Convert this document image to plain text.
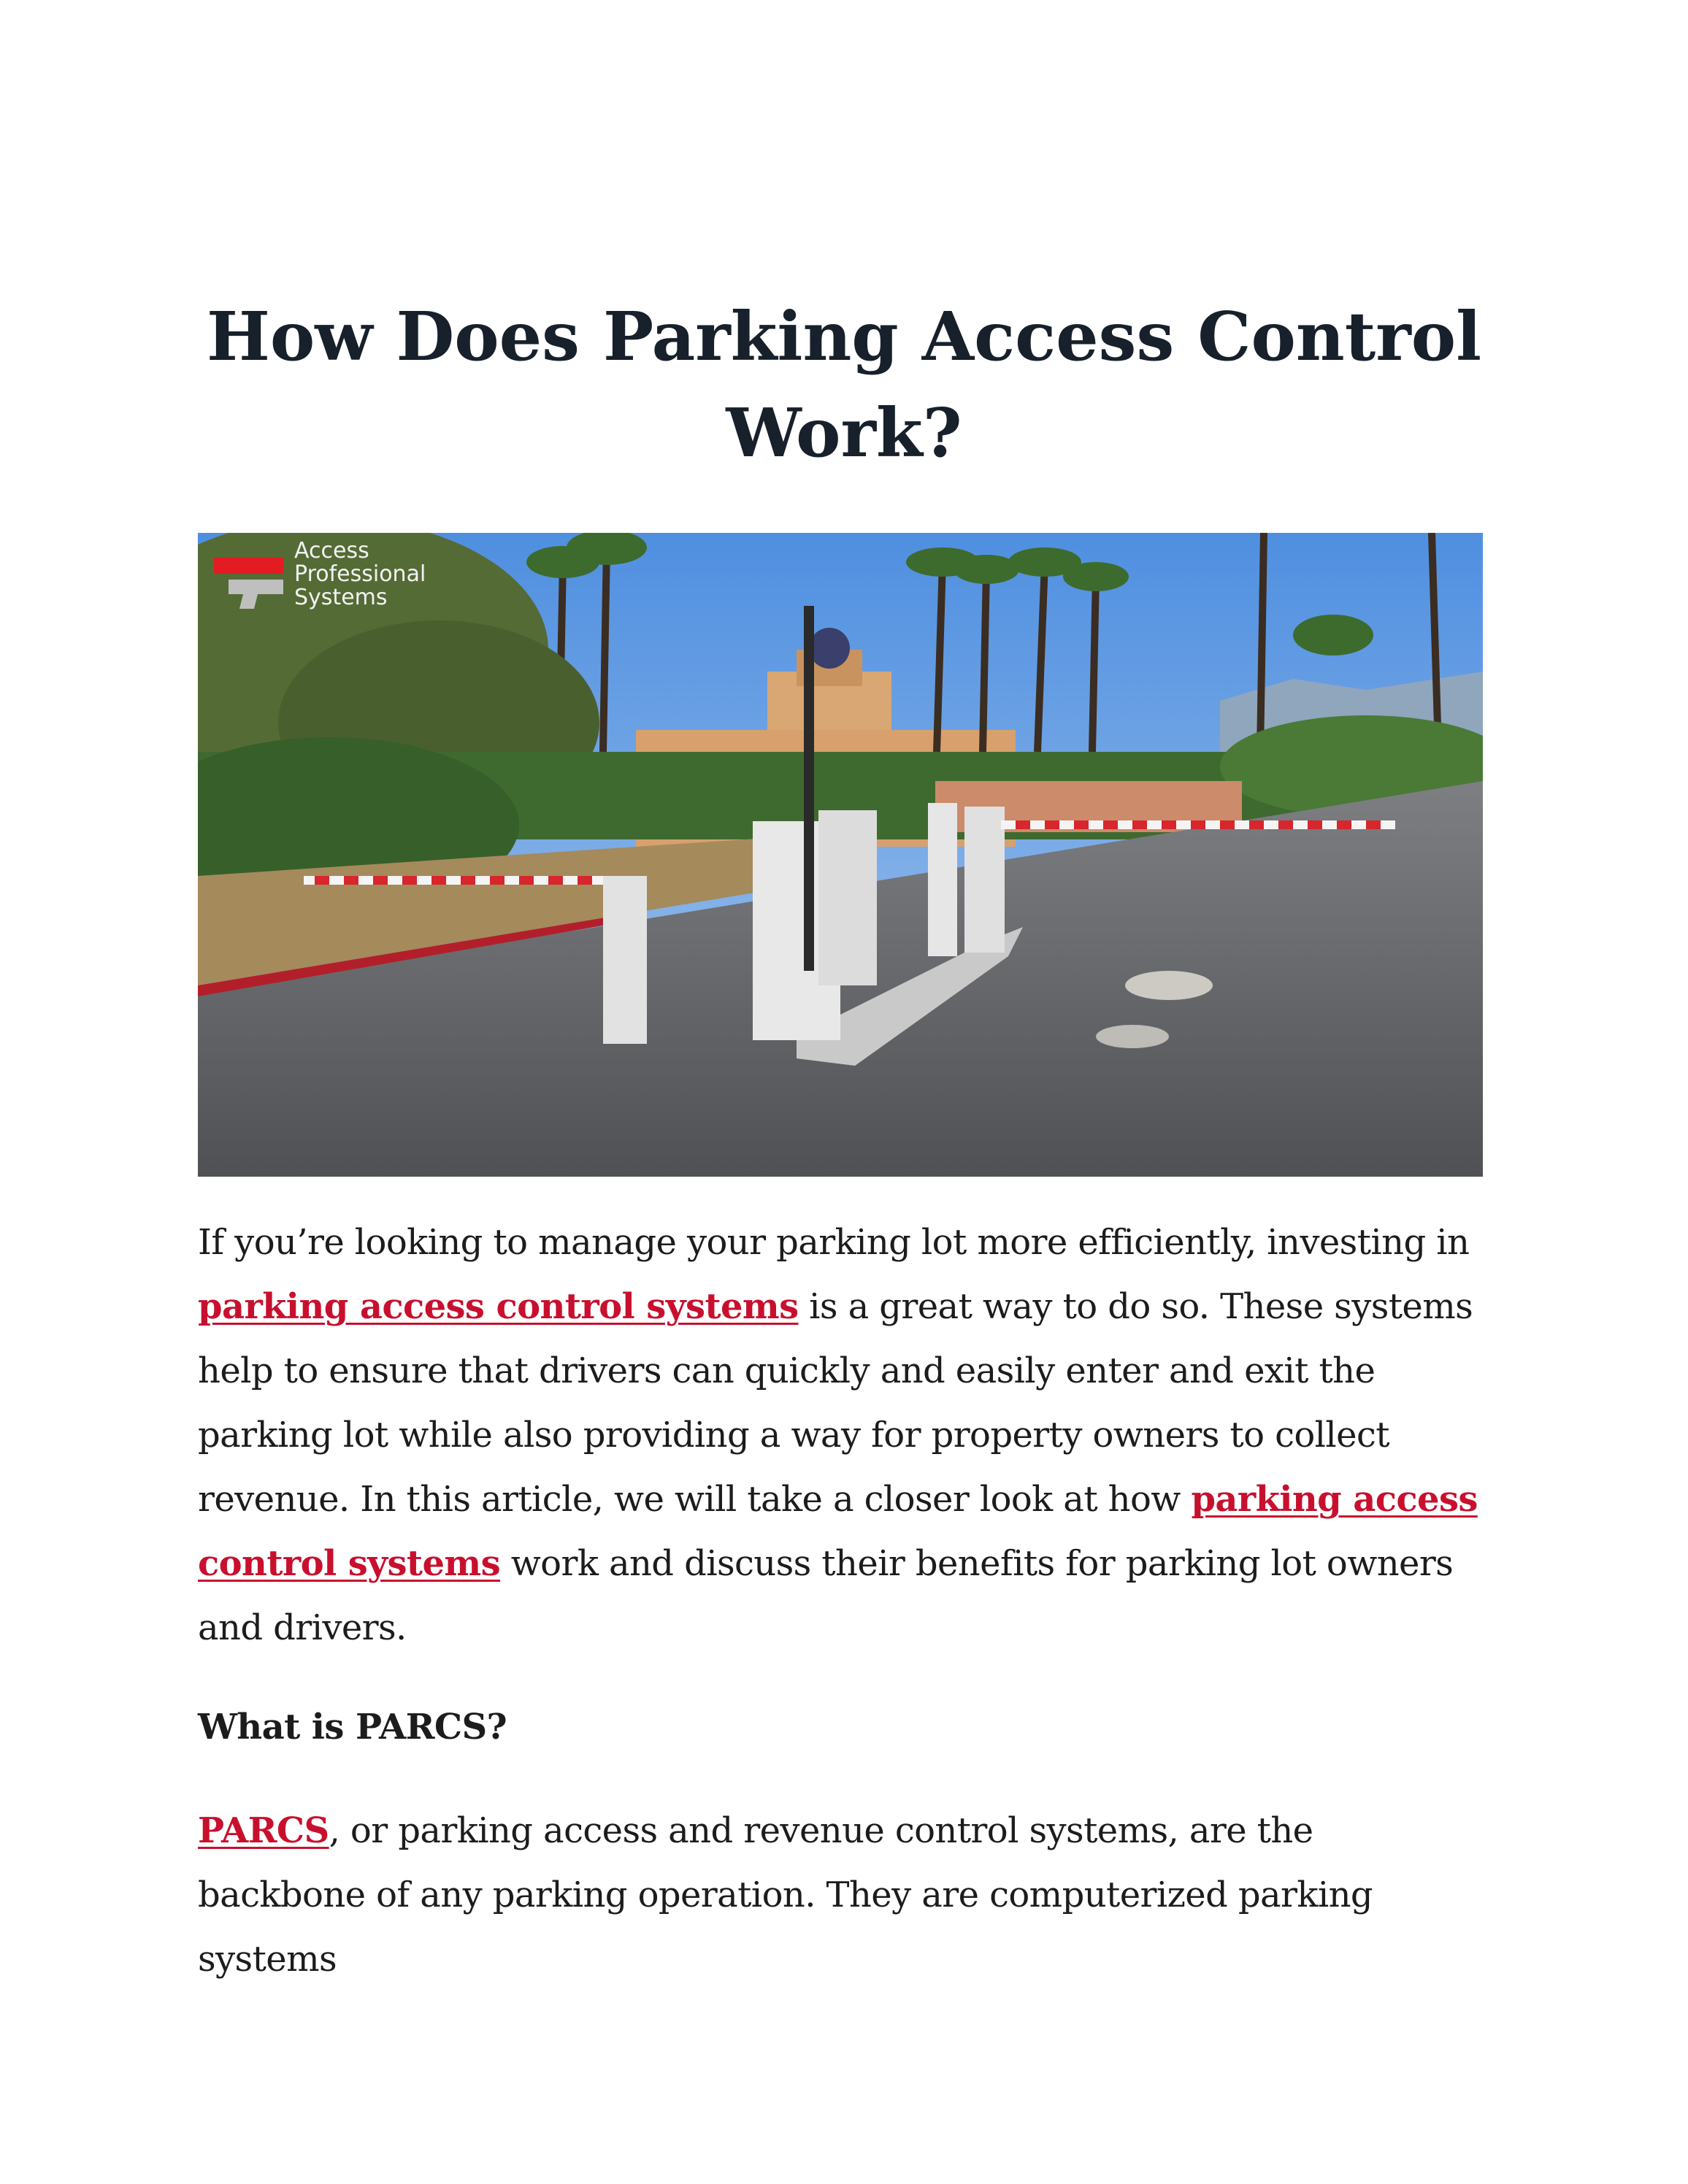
How Does Parking Access Control
Work?
Access
Professional
Systems

If you’re looking to manage your parking lot more efficiently, investing in parking access control systems is a great way to do so. These systems help to ensure that drivers can quickly and easily enter and exit the parking lot while also providing a way for property owners to collect revenue. In this article, we will take a closer look at how parking access control systems work and discuss their benefits for parking lot owners and drivers.

What is PARCS?

PARCS, or parking access and revenue control systems, are the backbone of any parking operation. They are computerized parking systems
